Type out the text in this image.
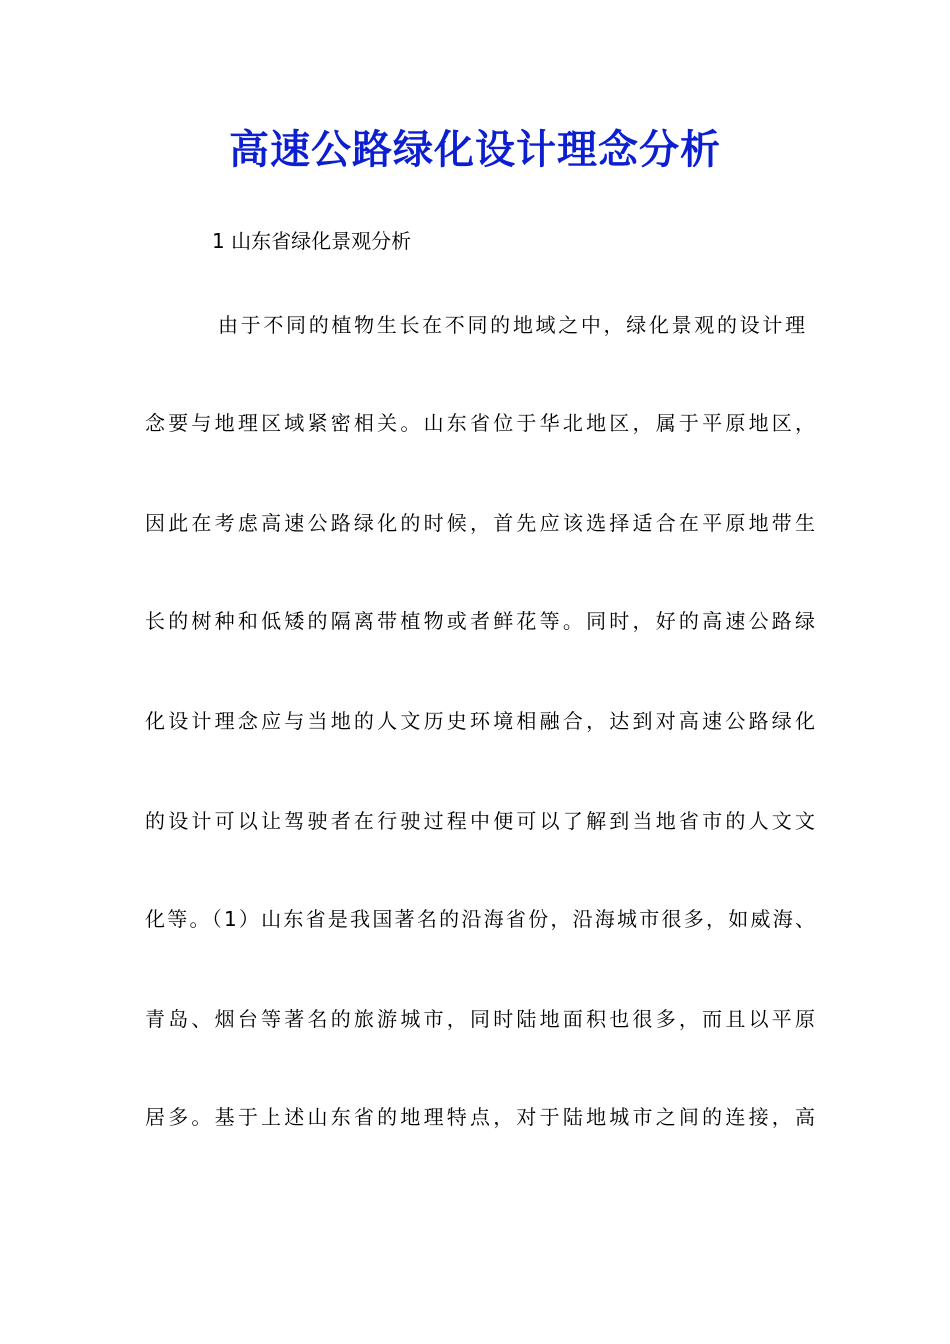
高速公路绿化设计理念分析

1 山东省绿化景观分析

由于不同的植物生长在不同的地域之中，绿化景观的设计理

念要与地理区域紧密相关。山东省位于华北地区，属于平原地区，

因此在考虑高速公路绿化的时候，首先应该选择适合在平原地带生

长的树种和低矮的隔离带植物或者鲜花等。同时，好的高速公路绿

化设计理念应与当地的人文历史环境相融合，达到对高速公路绿化

的设计可以让驾驶者在行驶过程中便可以了解到当地省市的人文文

化等。（1）山东省是我国著名的沿海省份，沿海城市很多，如威海、

青岛、烟台等著名的旅游城市，同时陆地面积也很多，而且以平原

居多。基于上述山东省的地理特点，对于陆地城市之间的连接，高
